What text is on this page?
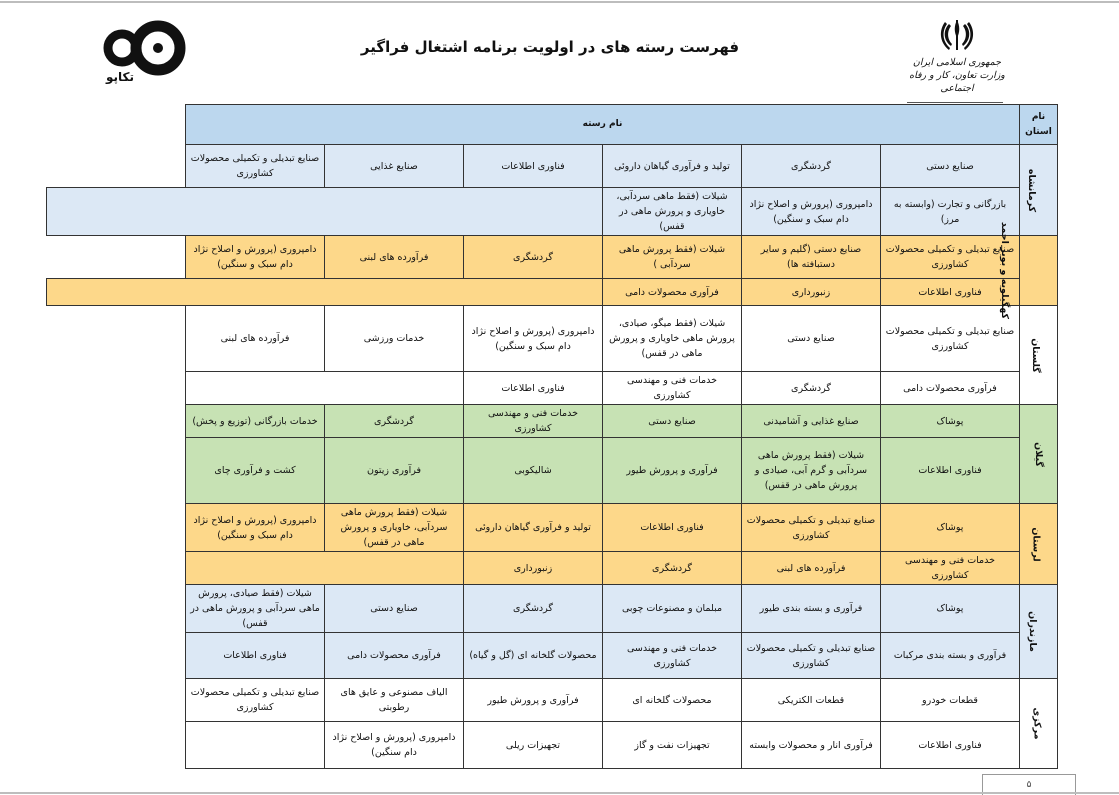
جمهوری اسلامی ایران
وزارت تعاون، کار و رفاه اجتماعی
فهرست رسته های در اولویت برنامه اشتغال فراگیر
تکاپو
نام استان	نام رسته					
کرمانشاه	صنایع دستی	گردشگری	تولید و فرآوری گیاهان داروئی	فناوری اطلاعات	صنایع غذایی	صنایع تبدیلی و تکمیلی محصولات کشاورزی
	بازرگانی و تجارت (وابسته به مرز)	دامپروری (پرورش و اصلاح نژاد دام سبک و سنگین)	شیلات (فقط ماهی سردآبی، خاویاری و پرورش ماهی در قفس)			
کهگیلویه و بویر احمد	صنایع تبدیلی و تکمیلی محصولات کشاورزی	صنایع دستی (گلیم و سایر دستبافته ها)	شیلات (فقط پرورش ماهی سردآبی )	گردشگری	فرآورده های لبنی	دامپروری (پرورش و اصلاح نژاد دام سبک و سنگین)
	فناوری اطلاعات	زنبورداری	فرآوری محصولات دامی			
گلستان	صنایع تبدیلی و تکمیلی محصولات کشاورزی	صنایع دستی	شیلات (فقط میگو، صیادی، پرورش ماهی خاویاری و پرورش ماهی در قفس)	دامپروری (پرورش و اصلاح نژاد دام سبک و سنگین)	خدمات ورزشی	فرآورده های لبنی
	فرآوری محصولات دامی	گردشگری	خدمات فنی و مهندسی کشاورزی	فناوری اطلاعات		
گیلان	پوشاک	صنایع غذایی و آشامیدنی	صنایع دستی	خدمات فنی و مهندسی کشاورزی	گردشگری	خدمات بازرگانی (توزیع و پخش)
	فناوری اطلاعات	شیلات (فقط پرورش ماهی سردآبی و گرم آبی، صیادی و پرورش ماهی در قفس)	فرآوری و پرورش طیور	شالیکوبی	فرآوری زیتون	کشت و فرآوری چای
لرستان	پوشاک	صنایع تبدیلی و تکمیلی محصولات کشاورزی	فناوری اطلاعات	تولید و فرآوری گیاهان داروئی	شیلات (فقط پرورش ماهی سردآبی، خاویاری و پرورش ماهی در قفس)	دامپروری (پرورش و اصلاح نژاد دام سبک و سنگین)
	خدمات فنی و مهندسی کشاورزی	فرآورده های لبنی	گردشگری	زنبورداری		
مازندران	پوشاک	فرآوری و بسته بندی طیور	مبلمان و مصنوعات چوبی	گردشگری	صنایع دستی	شیلات (فقط صیادی، پرورش ماهی سردآبی و پرورش ماهی در قفس)
	فرآوری و بسته بندی مرکبات	صنایع تبدیلی و تکمیلی محصولات کشاورزی	خدمات فنی و مهندسی کشاورزی	محصولات گلخانه ای (گل و گیاه)	فرآوری محصولات دامی	فناوری اطلاعات
مرکزی	قطعات خودرو	قطعات الکتریکی	محصولات گلخانه ای	فرآوری و پرورش طیور	الیاف مصنوعی و عایق های رطوبتی	صنایع تبدیلی و تکمیلی محصولات کشاورزی
	فناوری اطلاعات	فرآوری انار و محصولات وابسته	تجهیزات نفت و گاز	تجهیزات ریلی	دامپروری (پرورش و اصلاح نژاد دام سنگین)	
۵
